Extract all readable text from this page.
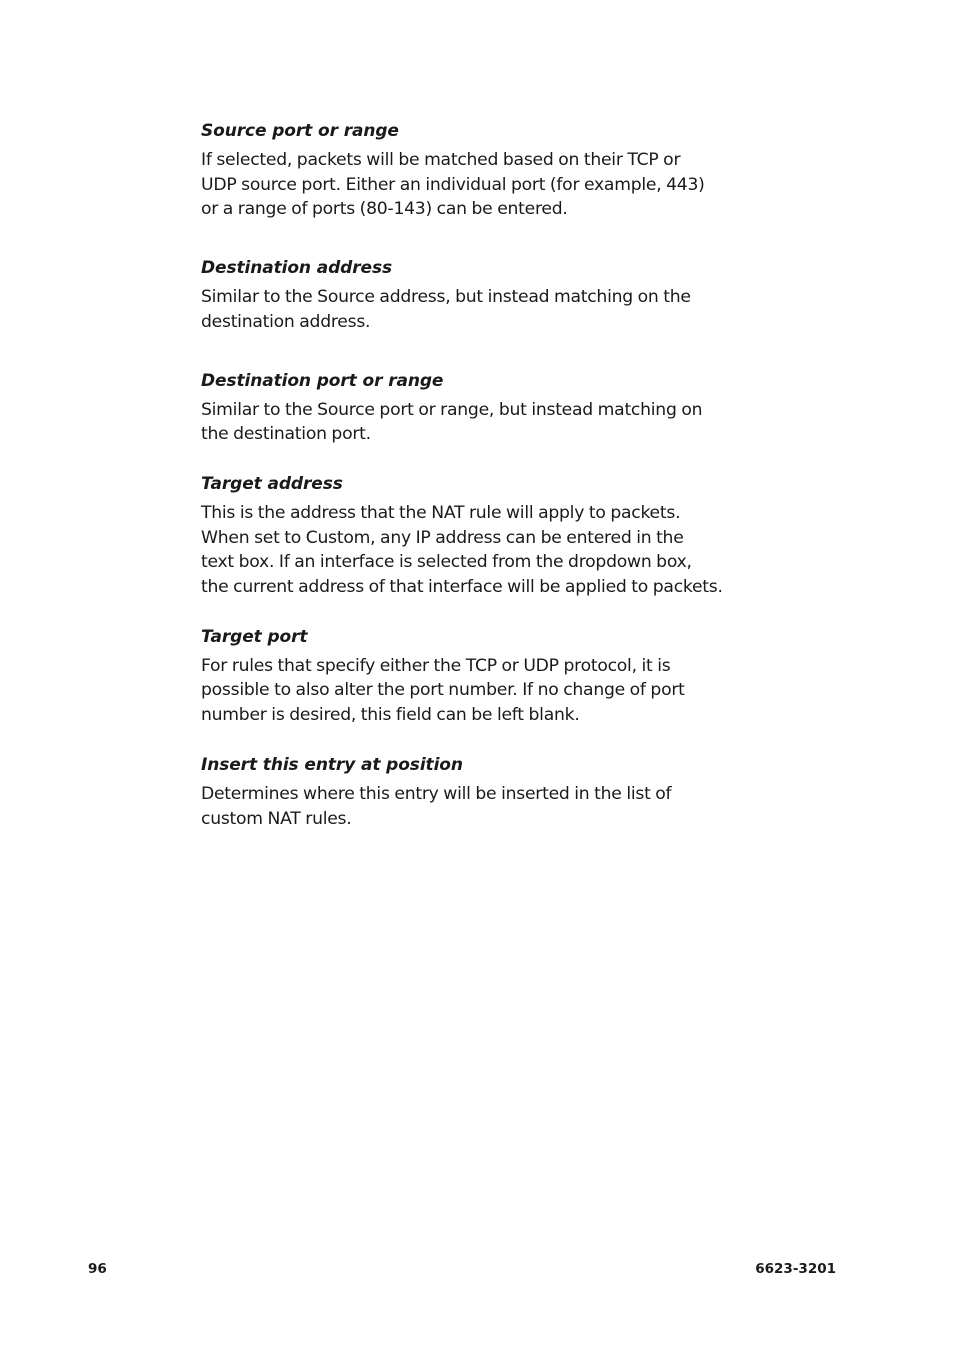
Source port or range
If selected, packets will be matched based on their TCP or
UDP source port. Either an individual port (for example, 443)
or a range of ports (80-143) can be entered.
Destination address
Similar to the Source address, but instead matching on the
destination address.
Destination port or range
Similar to the Source port or range, but instead matching on
the destination port.
Target address
This is the address that the NAT rule will apply to packets.
When set to Custom, any IP address can be entered in the
text box. If an interface is selected from the dropdown box,
the current address of that interface will be applied to packets.
Target port
For rules that specify either the TCP or UDP protocol, it is
possible to also alter the port number. If no change of port
number is desired, this field can be left blank.
Insert this entry at position
Determines where this entry will be inserted in the list of
custom NAT rules.
96	6623-3201
